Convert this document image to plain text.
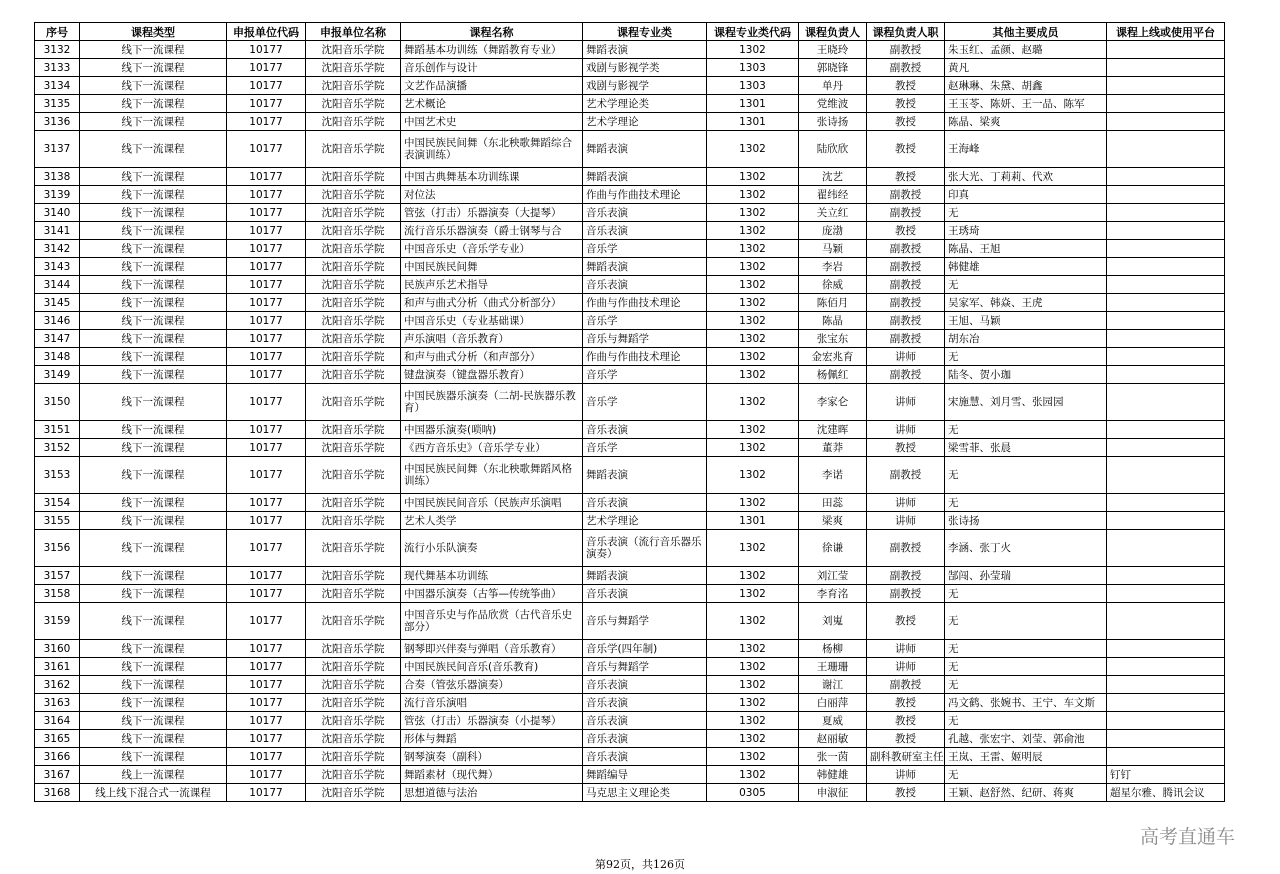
序号	课程类型	申报单位代码	申报单位名称	课程名称	课程专业类	课程专业类代码	课程负责人	课程负责人职	其他主要成员	课程上线或使用平台
3132	线下一流课程	10177	沈阳音乐学院	舞蹈基本功训练（舞蹈教育专业）	舞蹈表演	1302	王晓玲	副教授	朱玉红、孟颜、赵璐	
3133	线下一流课程	10177	沈阳音乐学院	音乐创作与设计	戏剧与影视学类	1303	郭晓锋	副教授	黄凡	
3134	线下一流课程	10177	沈阳音乐学院	文艺作品演播	戏剧与影视学	1303	单丹	教授	赵琳琳、朱黛、胡鑫	
3135	线下一流课程	10177	沈阳音乐学院	艺术概论	艺术学理论类	1301	党维波	教授	王玉苓、陈妍、王一品、陈军	
3136	线下一流课程	10177	沈阳音乐学院	中国艺术史	艺术学理论	1301	张诗扬	教授	陈晶、梁爽	
3137	线下一流课程	10177	沈阳音乐学院	中国民族民间舞（东北秧歌舞蹈综合表演训练）	舞蹈表演	1302	陆欣欣	教授	王海峰	
3138	线下一流课程	10177	沈阳音乐学院	中国古典舞基本功训练课	舞蹈表演	1302	沈艺	教授	张大光、丁莉莉、代欢	
3139	线下一流课程	10177	沈阳音乐学院	对位法	作曲与作曲技术理论	1302	翟纬经	副教授	印真	
3140	线下一流课程	10177	沈阳音乐学院	管弦（打击）乐器演奏（大提琴）	音乐表演	1302	关立红	副教授	无	
3141	线下一流课程	10177	沈阳音乐学院	流行音乐乐器演奏（爵士钢琴与合	音乐表演	1302	庞渤	教授	王琇琦	
3142	线下一流课程	10177	沈阳音乐学院	中国音乐史（音乐学专业）	音乐学	1302	马颖	副教授	陈晶、王旭	
3143	线下一流课程	10177	沈阳音乐学院	中国民族民间舞	舞蹈表演	1302	李岩	副教授	韩健雄	
3144	线下一流课程	10177	沈阳音乐学院	民族声乐艺术指导	音乐表演	1302	徐威	副教授	无	
3145	线下一流课程	10177	沈阳音乐学院	和声与曲式分析（曲式分析部分）	作曲与作曲技术理论	1302	陈佰月	副教授	吴家军、韩焱、王虎	
3146	线下一流课程	10177	沈阳音乐学院	中国音乐史（专业基础课）	音乐学	1302	陈晶	副教授	王旭、马颖	
3147	线下一流课程	10177	沈阳音乐学院	声乐演唱（音乐教育）	音乐与舞蹈学	1302	张宝东	副教授	胡东冶	
3148	线下一流课程	10177	沈阳音乐学院	和声与曲式分析（和声部分）	作曲与作曲技术理论	1302	金宏兆育	讲师	无	
3149	线下一流课程	10177	沈阳音乐学院	键盘演奏（键盘器乐教育）	音乐学	1302	杨佩红	副教授	陆冬、贺小珈	
3150	线下一流课程	10177	沈阳音乐学院	中国民族器乐演奏（二胡-民族器乐教育）	音乐学	1302	李家仑	讲师	宋施慧、刘月雪、张园园	
3151	线下一流课程	10177	沈阳音乐学院	中国器乐演奏(唢呐)	音乐表演	1302	沈建晖	讲师	无	
3152	线下一流课程	10177	沈阳音乐学院	《西方音乐史》（音乐学专业）	音乐学	1302	董莽	教授	梁雪菲、张晨	
3153	线下一流课程	10177	沈阳音乐学院	中国民族民间舞（东北秧歌舞蹈风格训练）	舞蹈表演	1302	李诺	副教授	无	
3154	线下一流课程	10177	沈阳音乐学院	中国民族民间音乐（民族声乐演唱	音乐表演	1302	田蕊	讲师	无	
3155	线下一流课程	10177	沈阳音乐学院	艺术人类学	艺术学理论	1301	梁爽	讲师	张诗扬	
3156	线下一流课程	10177	沈阳音乐学院	流行小乐队演奏	音乐表演（流行音乐器乐演奏）	1302	徐谦	副教授	李涵、张丁火	
3157	线下一流课程	10177	沈阳音乐学院	现代舞基本功训练	舞蹈表演	1302	刘江莹	副教授	郜闯、孙莹瑞	
3158	线下一流课程	10177	沈阳音乐学院	中国器乐演奏（古筝—传统筝曲）	音乐表演	1302	李育洺	副教授	无	
3159	线下一流课程	10177	沈阳音乐学院	中国音乐史与作品欣赏（古代音乐史部分）	音乐与舞蹈学	1302	刘嵬	教授	无	
3160	线下一流课程	10177	沈阳音乐学院	钢琴即兴伴奏与弹唱（音乐教育）	音乐学(四年制)	1302	杨柳	讲师	无	
3161	线下一流课程	10177	沈阳音乐学院	中国民族民间音乐(音乐教育)	音乐与舞蹈学	1302	王珊珊	讲师	无	
3162	线下一流课程	10177	沈阳音乐学院	合奏（管弦乐器演奏）	音乐表演	1302	谢江	副教授	无	
3163	线下一流课程	10177	沈阳音乐学院	流行音乐演唱	音乐表演	1302	白丽萍	教授	冯文鹤、张婉书、王宁、车文斯	
3164	线下一流课程	10177	沈阳音乐学院	管弦（打击）乐器演奏（小提琴）	音乐表演	1302	夏威	教授	无	
3165	线下一流课程	10177	沈阳音乐学院	形体与舞蹈	音乐表演	1302	赵丽敏	教授	孔越、张宏宇、刘莹、郭俞池	
3166	线下一流课程	10177	沈阳音乐学院	钢琴演奏（副科）	音乐表演	1302	张一茵	副科教研室主任	王岚、王雷、姬明辰	
3167	线上一流课程	10177	沈阳音乐学院	舞蹈素材（现代舞）	舞蹈编导	1302	韩健雄	讲师	无	钉钉
3168	线上线下混合式一流课程	10177	沈阳音乐学院	思想道德与法治	马克思主义理论类	0305	申淑征	教授	王颖、赵舒然、纪研、蒋爽	超星尔雅、腾讯会议
第92页，共126页
高考直通车
